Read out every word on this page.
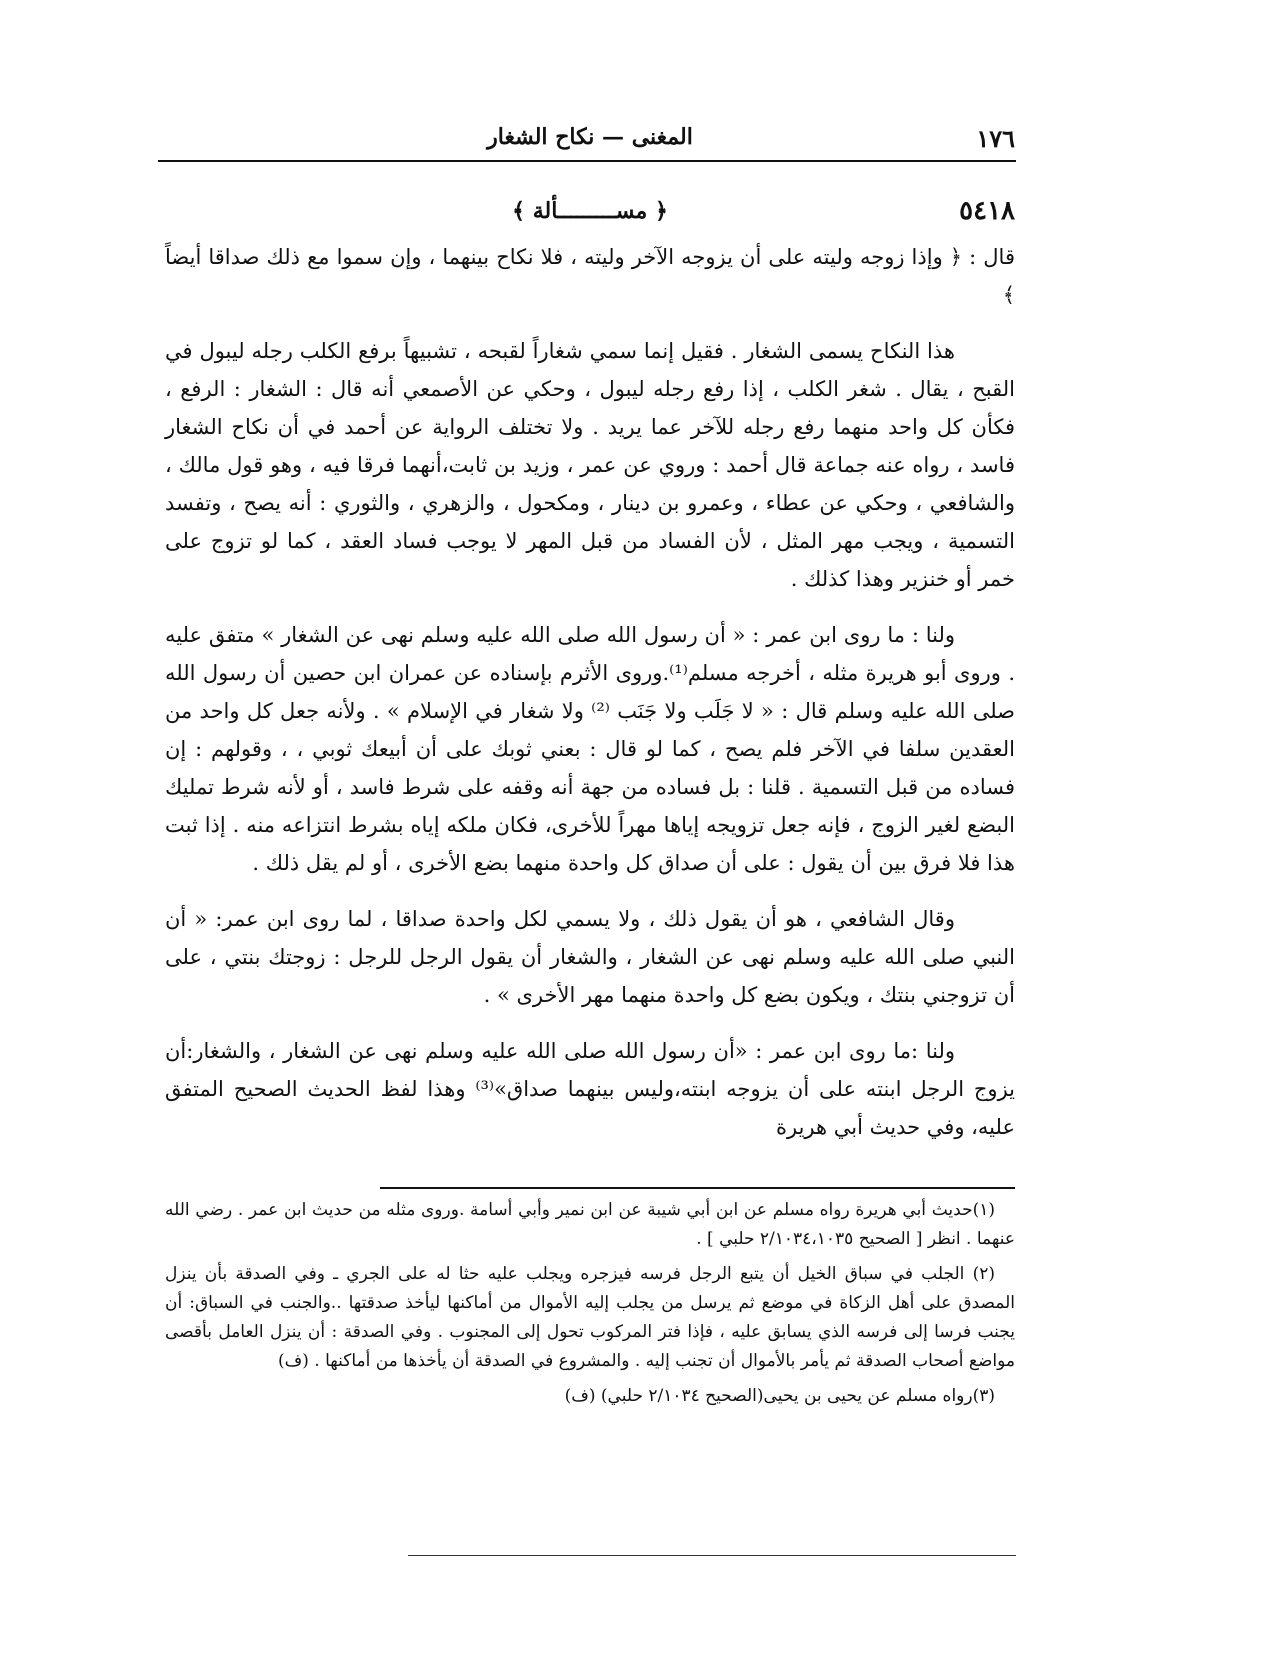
١٧٦
المغنى — نكاح الشغار
٥٤١٨
﴿ مســـــــــألة ﴾

قال : ﴿ وإذا زوجه وليته على أن يزوجه الآخر وليته ، فلا نكاح بينهما ، وإن سموا مع ذلك صداقا أيضاً ﴾

هذا النكاح يسمى الشغار . فقيل إنما سمي شغاراً لقبحه ، تشبيهاً برفع الكلب رجله ليبول في القبح ، يقال . شغر الكلب ، إذا رفع رجله ليبول ، وحكي عن الأصمعي أنه قال : الشغار : الرفع ، فكأن كل واحد منهما رفع رجله للآخر عما يريد . ولا تختلف الرواية عن أحمد في أن نكاح الشغار فاسد ، رواه عنه جماعة قال أحمد : وروي عن عمر ، وزيد بن ثابت،أنهما فرقا فيه ، وهو قول مالك ، والشافعي ، وحكي عن عطاء ، وعمرو بن دينار ، ومكحول ، والزهري ، والثوري : أنه يصح ، وتفسد التسمية ، ويجب مهر المثل ، لأن الفساد من قبل المهر لا يوجب فساد العقد ، كما لو تزوج على خمر أو خنزير وهذا كذلك .

ولنا : ما روى ابن عمر : « أن رسول الله صلى الله عليه وسلم نهى عن الشغار » متفق عليه . وروى أبو هريرة مثله ، أخرجه مسلم⁽¹⁾.وروى الأثرم بإسناده عن عمران ابن حصين أن رسول الله صلى الله عليه وسلم قال : « لا جَلَب ولا جَنَب ⁽²⁾ ولا شغار في الإسلام » . ولأنه جعل كل واحد من العقدين سلفا في الآخر فلم يصح ، كما لو قال : بعني ثوبك على أن أبيعك ثوبي ، ، وقولهم : إن فساده من قبل التسمية . قلنا : بل فساده من جهة أنه وقفه على شرط فاسد ، أو لأنه شرط تمليك البضع لغير الزوج ، فإنه جعل تزويجه إياها مهراً للأخرى، فكان ملكه إياه بشرط انتزاعه منه . إذا ثبت هذا فلا فرق بين أن يقول : على أن صداق كل واحدة منهما بضع الأخرى ، أو لم يقل ذلك .

وقال الشافعي ، هو أن يقول ذلك ، ولا يسمي لكل واحدة صداقا ، لما روى ابن عمر: « أن النبي صلى الله عليه وسلم نهى عن الشغار ، والشغار أن يقول الرجل للرجل : زوجتك بنتي ، على أن تزوجني بنتك ، ويكون بضع كل واحدة منهما مهر الأخرى » .

ولنا :ما روى ابن عمر : «أن رسول الله صلى الله عليه وسلم نهى عن الشغار ، والشغار:أن يزوج الرجل ابنته على أن يزوجه ابنته،وليس بينهما صداق»⁽³⁾ وهذا لفظ الحديث الصحيح المتفق عليه، وفي حديث أبي هريرة

(١)حديث أبي هريرة رواه مسلم عن ابن أبي شيبة عن ابن نمير وأبي أسامة .وروى مثله من حديث ابن عمر . رضي الله عنهما . انظر [ الصحيح ٢/١٠٣٤،١٠٣٥ حلبي ] .

(٢) الجلب في سباق الخيل أن يتبع الرجل فرسه فيزجره ويجلب عليه حثا له على الجري ـ وفي الصدقة بأن ينزل المصدق على أهل الزكاة في موضع ثم يرسل من يجلب إليه الأموال من أماكنها ليأخذ صدقتها ..والجنب في السباق: أن يجنب فرسا إلى فرسه الذي يسابق عليه ، فإذا فتر المركوب تحول إلى المجنوب . وفي الصدقة : أن ينزل العامل بأقصى مواضع أصحاب الصدقة ثم يأمر بالأموال أن تجنب إليه . والمشروع في الصدقة أن يأخذها من أماكنها . (ف)

(٣)رواه مسلم عن يحيى بن يحيى(الصحيح ٢/١٠٣٤ حلبي) (ف)
